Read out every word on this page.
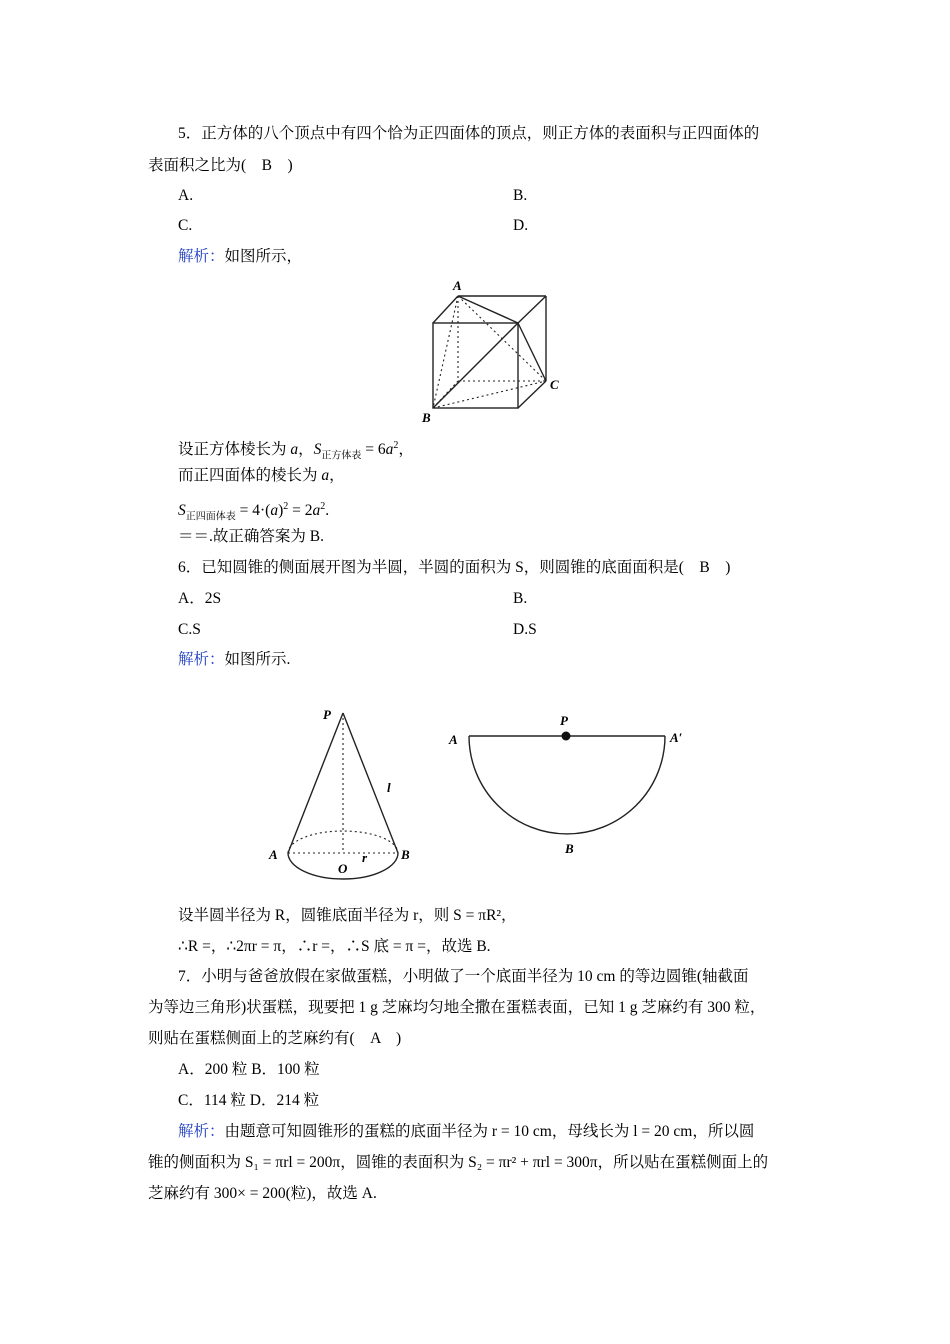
5．正方体的八个顶点中有四个恰为正四面体的顶点，则正方体的表面积与正四面体的
表面积之比为(　B　)
A.	B.
C.	D.
解析：如图所示，
A
B
C
设正方体棱长为 a，$S_{正方体表} = 6a^2$，
而正四面体的棱长为 a，
$S_{正四面体表} = 4\cdot(a)^2 = 2a^2$.
＝＝.故正确答案为 B.
6．已知圆锥的侧面展开图为半圆，半圆的面积为 S，则圆锥的底面面积是(　B　)
A．2S	B.
C.S	D.S
解析：如图所示.
P
l
A
O
r	B
A
P
A′
B
设半圆半径为 R，圆锥底面半径为 r，则 S = πR²，
∴R =，∴2πr = π，∴r =，∴S 底 = π =，故选 B.
7．小明与爸爸放假在家做蛋糕，小明做了一个底面半径为 10 cm 的等边圆锥(轴截面
为等边三角形)状蛋糕，现要把 1 g 芝麻均匀地全撒在蛋糕表面，已知 1 g 芝麻约有 300 粒，
则贴在蛋糕侧面上的芝麻约有(　A　)
A．200 粒 B．100 粒
C．114 粒 D．214 粒
解析：由题意可知圆锥形的蛋糕的底面半径为 r = 10 cm，母线长为 l = 20 cm，所以圆
锥的侧面积为 S₁ = πrl = 200π，圆锥的表面积为 S₂ = πr² + πrl = 300π，所以贴在蛋糕侧面上的
芝麻约有 300× = 200(粒)，故选 A.
